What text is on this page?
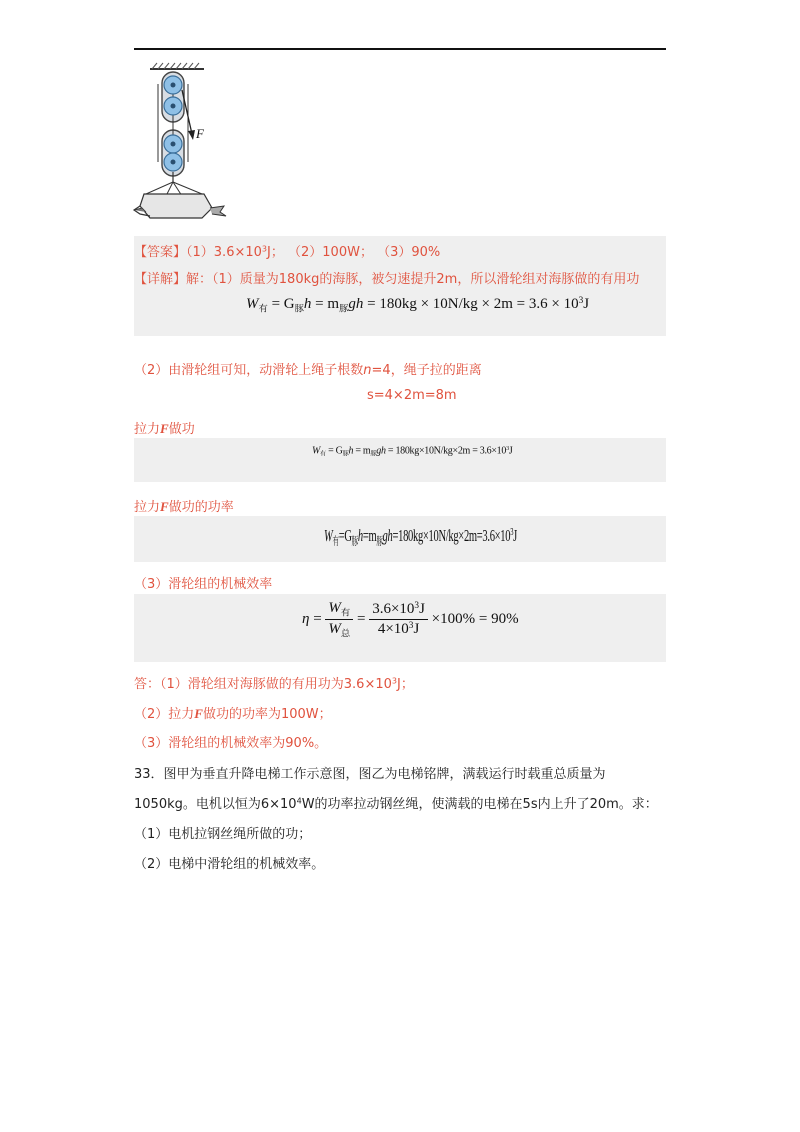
F
【答案】$(1)3.6\times 10^3J$； （2）100W； （3）90%
【详解】解：（1）质量为180kg的海豚，被匀速提升2m，所以滑轮组对海豚做的有用功
$W_有 = G_豚h = m_豚gh = 180kg \times 10N/kg \times 2m = 3.6 \times 10^3J$
（2）由滑轮组可知，动滑轮上绳子根数n=4，绳子拉的距离
s=4×2m=8m
拉力F做功
$W_有 = G_豚h = m_豚gh = 180kg\times 10N/kg\times 2m = 3.6\times 10^3J$
拉力F做功的功率
$W_有=G_豚h=m_豚gh=180kg\times 10N/kg\times 2m=3.6\times 10^3J$
（3）滑轮组的机械效率
$\eta = \frac{W_有}{W_总} = \frac{3.6\times 10^3J}{4\times 10^3J} \times 100\% = 90\%$
答：（1）滑轮组对海豚做的有用功为$3.6\times 10^3J$；
（2）拉力F做功的功率为100W；
（3）滑轮组的机械效率为90%。
33．图甲为垂直升降电梯工作示意图，图乙为电梯铭牌，满载运行时载重总质量为
1050kg。电机以恒为$6\times 10^4W$的功率拉动钢丝绳，使满载的电梯在5s内上升了20m。求：
（1）电机拉钢丝绳所做的功；
（2）电梯中滑轮组的机械效率。
